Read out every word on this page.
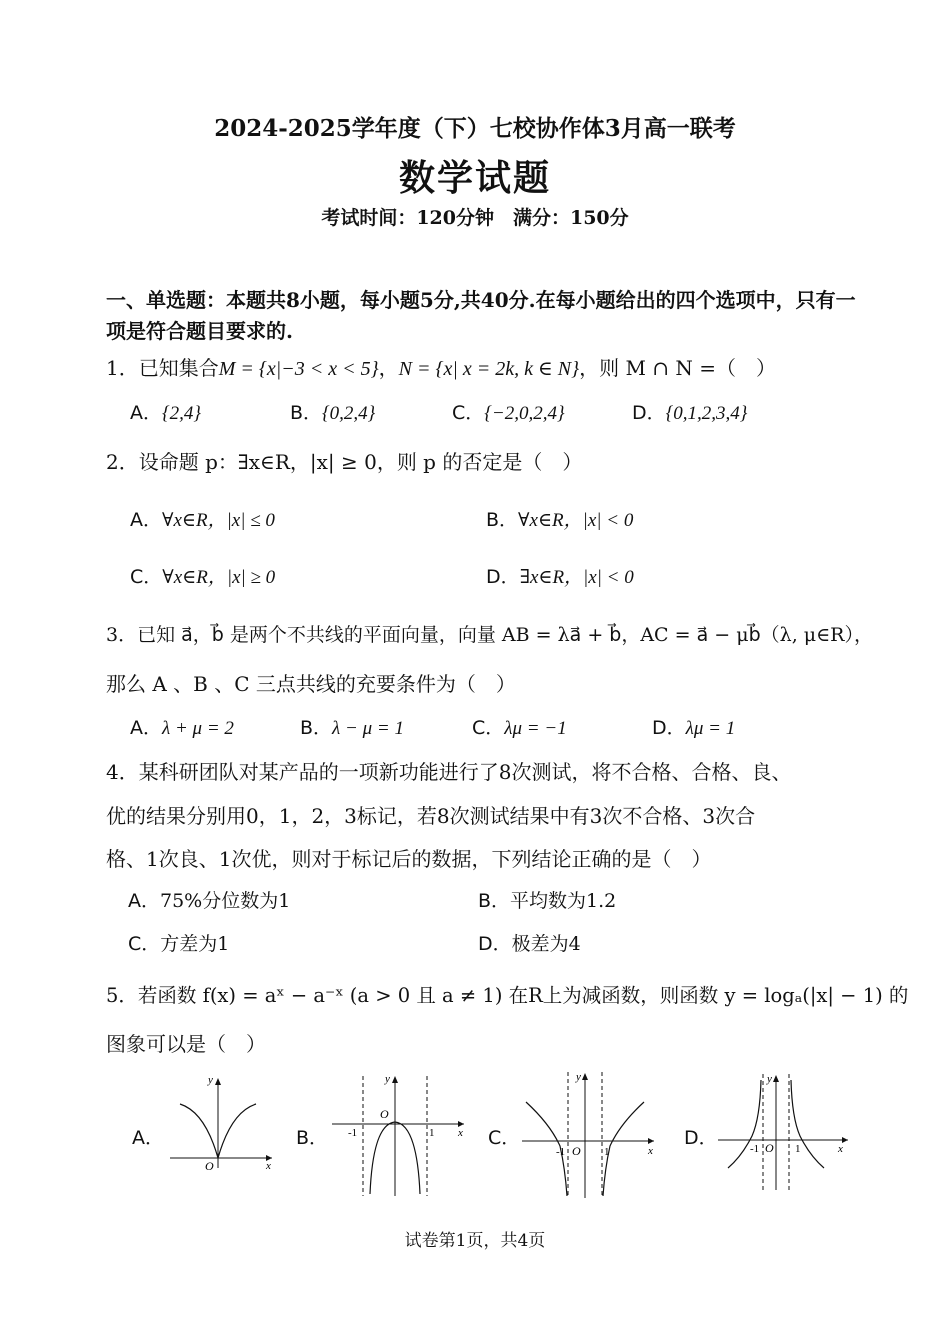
2024-2025学年度（下）七校协作体3月高一联考
数学试题
考试时间：120分钟　满分：150分
一、单选题：本题共8小题，每小题5分,共40分.在每小题给出的四个选项中，只有一项是符合题目要求的.
1．已知集合M = {x|−3 < x < 5}，N = {x| x = 2k, k ∈ N}，则 M ∩ N =（　）
A．{2,4}	B．{0,2,4}	C．{−2,0,2,4}	D．{0,1,2,3,4}
2．设命题 p：∃x∈R，|x| ≥ 0，则 p 的否定是（　）
A．∀x∈R，|x| ≤ 0	B．∀x∈R，|x| < 0
C．∀x∈R，|x| ≥ 0	D．∃x∈R，|x| < 0
3．已知 a⃗，b⃗ 是两个不共线的平面向量，向量 AB = λa⃗ + b⃗，AC = a⃗ − μb⃗（λ, μ∈R），
那么 A 、B 、C 三点共线的充要条件为（　）
A．λ + μ = 2	B．λ − μ = 1	C．λμ = −1	D．λμ = 1
4．某科研团队对某产品的一项新功能进行了8次测试，将不合格、合格、良、
优的结果分别用0，1，2，3标记，若8次测试结果中有3次不合格、3次合
格、1次良、1次优，则对于标记后的数据，下列结论正确的是（　）
A．75%分位数为1	B．平均数为1.2
C．方差为1	D．极差为4
5．若函数 f(x) = aˣ − a⁻ˣ (a > 0 且 a ≠ 1) 在R上为减函数，则函数 y = logₐ(|x| − 1) 的
图象可以是（　）
A．	B．	C．	D．
y
x
O
y
x
O
-1	1
y
x
O
-1	1
y
x
O
-1	1
试卷第1页，共4页
